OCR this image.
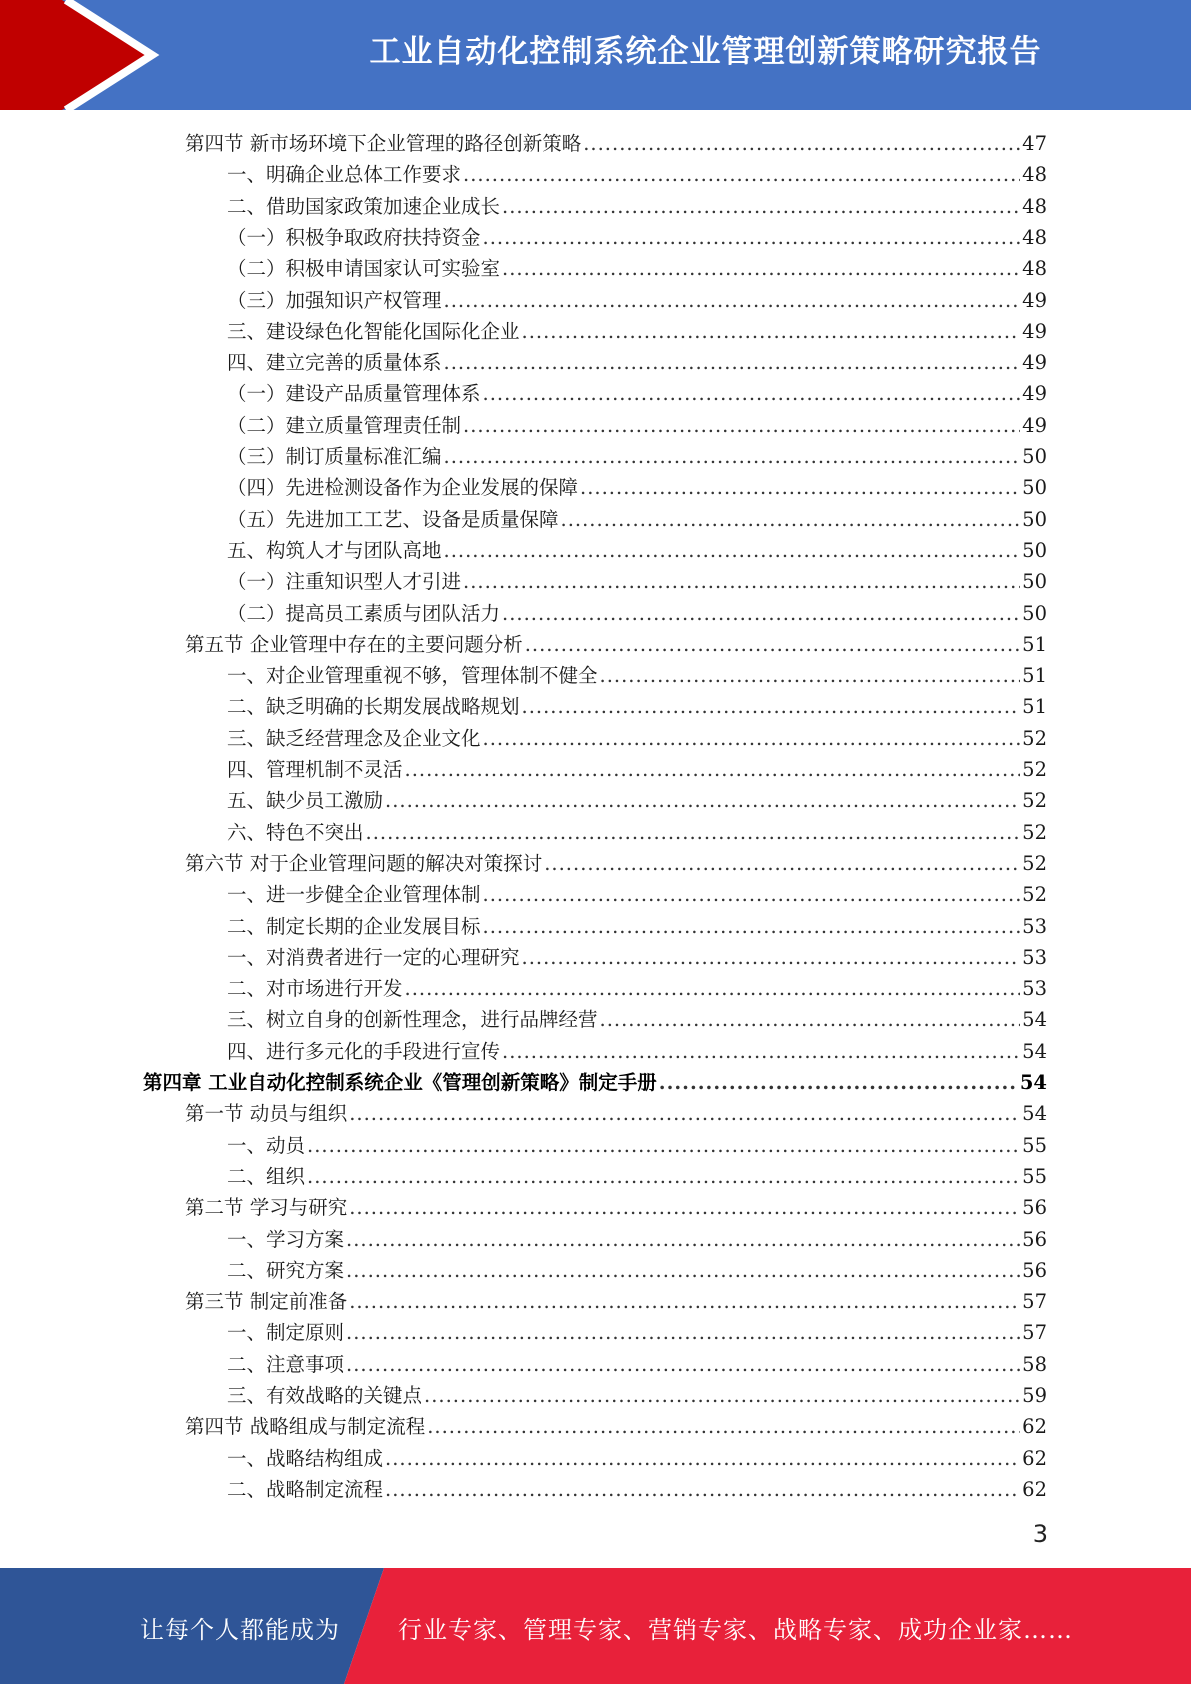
工业自动化控制系统企业管理创新策略研究报告
第四节 新市场环境下企业管理的路径创新策略 .....	47
一、明确企业总体工作要求 .....	48
二、借助国家政策加速企业成长 .....	48
（一）积极争取政府扶持资金 .....	48
（二）积极申请国家认可实验室 .....	48
（三）加强知识产权管理 .....	49
三、建设绿色化智能化国际化企业 .....	49
四、建立完善的质量体系 .....	49
（一）建设产品质量管理体系 .....	49
（二）建立质量管理责任制 .....	49
（三）制订质量标准汇编 .....	50
（四）先进检测设备作为企业发展的保障 .....	50
（五）先进加工工艺、设备是质量保障 .....	50
五、构筑人才与团队高地 .....	50
（一）注重知识型人才引进 .....	50
（二）提高员工素质与团队活力 .....	50
第五节 企业管理中存在的主要问题分析 .....	51
一、对企业管理重视不够，管理体制不健全 .....	51
二、缺乏明确的长期发展战略规划 .....	51
三、缺乏经营理念及企业文化 .....	52
四、管理机制不灵活 .....	52
五、缺少员工激励 .....	52
六、特色不突出 .....	52
第六节 对于企业管理问题的解决对策探讨 .....	52
一、进一步健全企业管理体制 .....	52
二、制定长期的企业发展目标 .....	53
一、对消费者进行一定的心理研究 .....	53
二、对市场进行开发 .....	53
三、树立自身的创新性理念，进行品牌经营 .....	54
四、进行多元化的手段进行宣传 .....	54
第四章 工业自动化控制系统企业《管理创新策略》制定手册 .....	54
第一节 动员与组织 .....	54
一、动员 .....	55
二、组织 .....	55
第二节 学习与研究 .....	56
一、学习方案 .....	56
二、研究方案 .....	56
第三节 制定前准备 .....	57
一、制定原则 .....	57
二、注意事项 .....	58
三、有效战略的关键点 .....	59
第四节 战略组成与制定流程 .....	62
一、战略结构组成 .....	62
二、战略制定流程 .....	62
3
让每个人都能成为 行业专家、管理专家、营销专家、战略专家、成功企业家……
